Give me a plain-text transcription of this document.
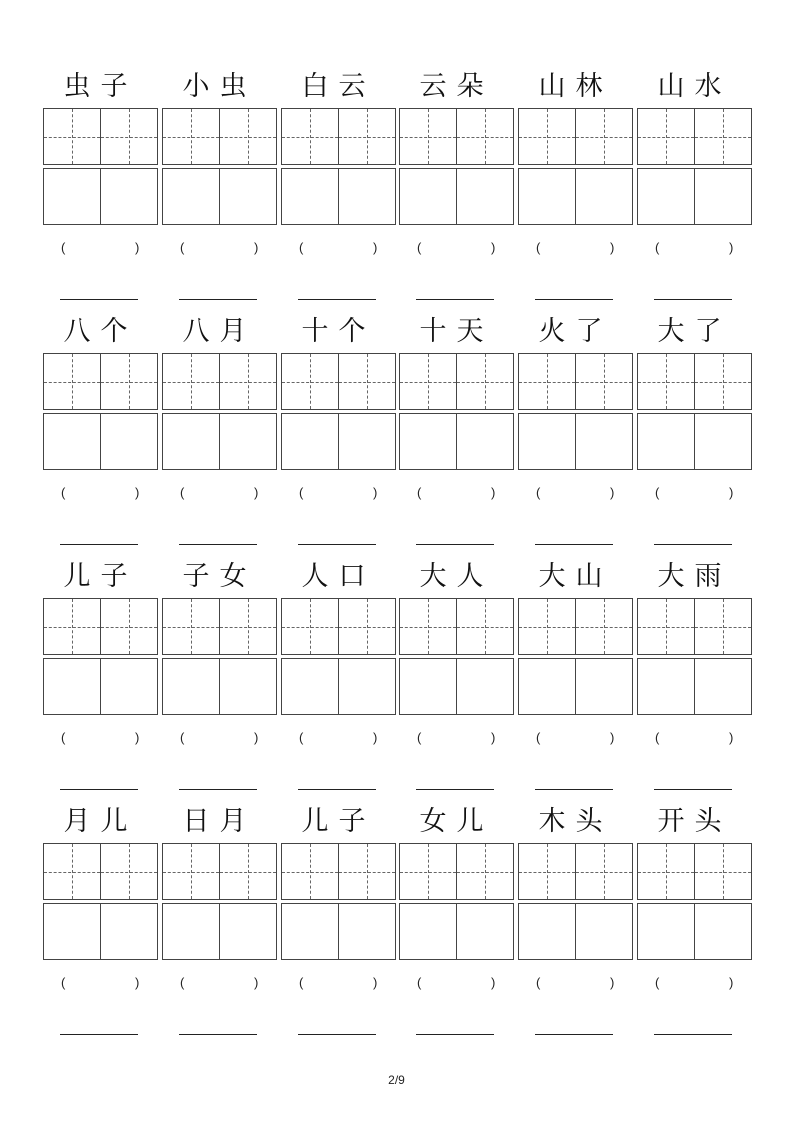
虫子
(	)
小虫
(	)
白云
(	)
云朵
(	)
山林
(	)
山水
(	)
八个
(	)
八月
(	)
十个
(	)
十天
(	)
火了
(	)
大了
(	)
儿子
(	)
子女
(	)
人口
(	)
大人
(	)
大山
(	)
大雨
(	)
月儿
(	)
日月
(	)
儿子
(	)
女儿
(	)
木头
(	)
开头
(	)
2/9
